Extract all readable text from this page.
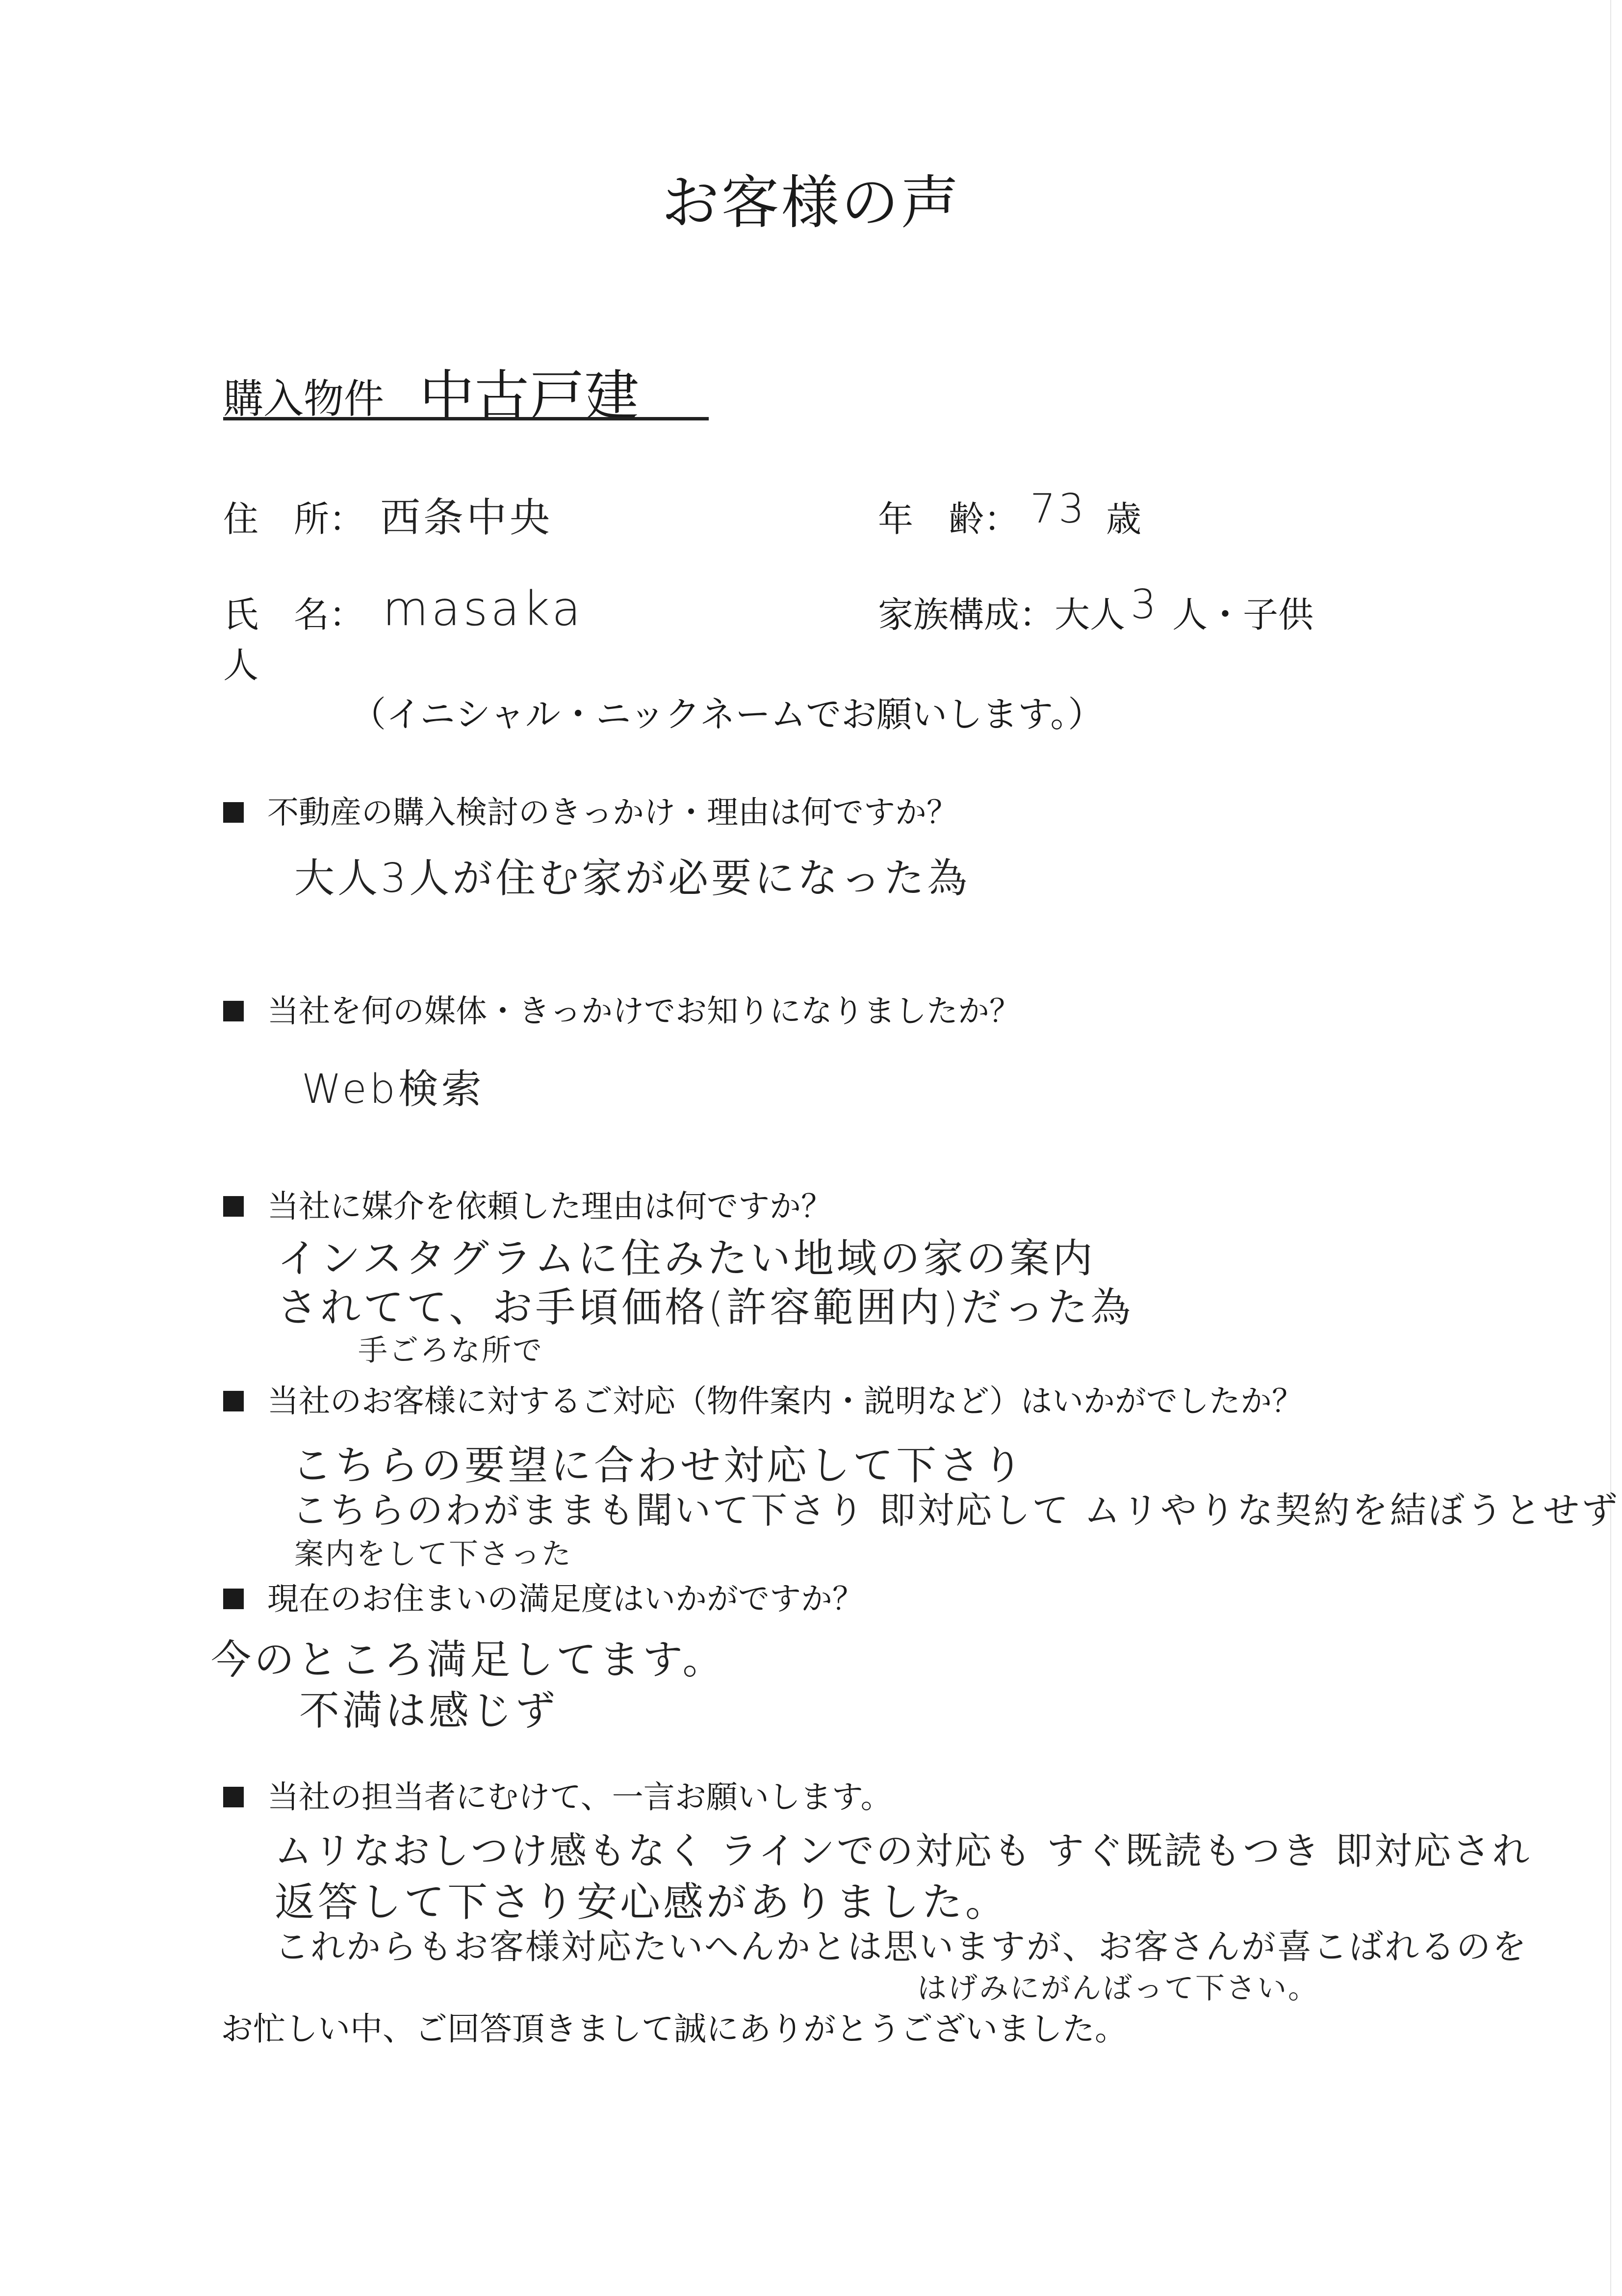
お客様の声
購入物件 中古戸建
住　所： 西条中央	年　齢： 73 歳
氏　名： masaka	家族構成：大人 3 人・子供
人
（イニシャル・ニックネームでお願いします。）
不動産の購入検討のきっかけ・理由は何ですか？
大人3人が住む家が必要になった為
当社を何の媒体・きっかけでお知りになりましたか？
Web検索
当社に媒介を依頼した理由は何ですか？
インスタグラムに住みたい地域の家の案内
されてて、お手頃価格(許容範囲内)だった為
手ごろな所で
当社のお客様に対するご対応（物件案内・説明など）はいかがでしたか？
こちらの要望に合わせ対応して下さり
こちらのわがままも聞いて下さり 即対応して ムリやりな契約を結ぼうとせず
案内をして下さった
現在のお住まいの満足度はいかがですか？
今のところ満足してます。
不満は感じず
当社の担当者にむけて、一言お願いします。
ムリなおしつけ感もなく ラインでの対応も すぐ既読もつき 即対応され
返答して下さり安心感がありました。
これからもお客様対応たいへんかとは思いますが、お客さんが喜こばれるのを
はげみにがんばって下さい。
お忙しい中、ご回答頂きまして誠にありがとうございました。
